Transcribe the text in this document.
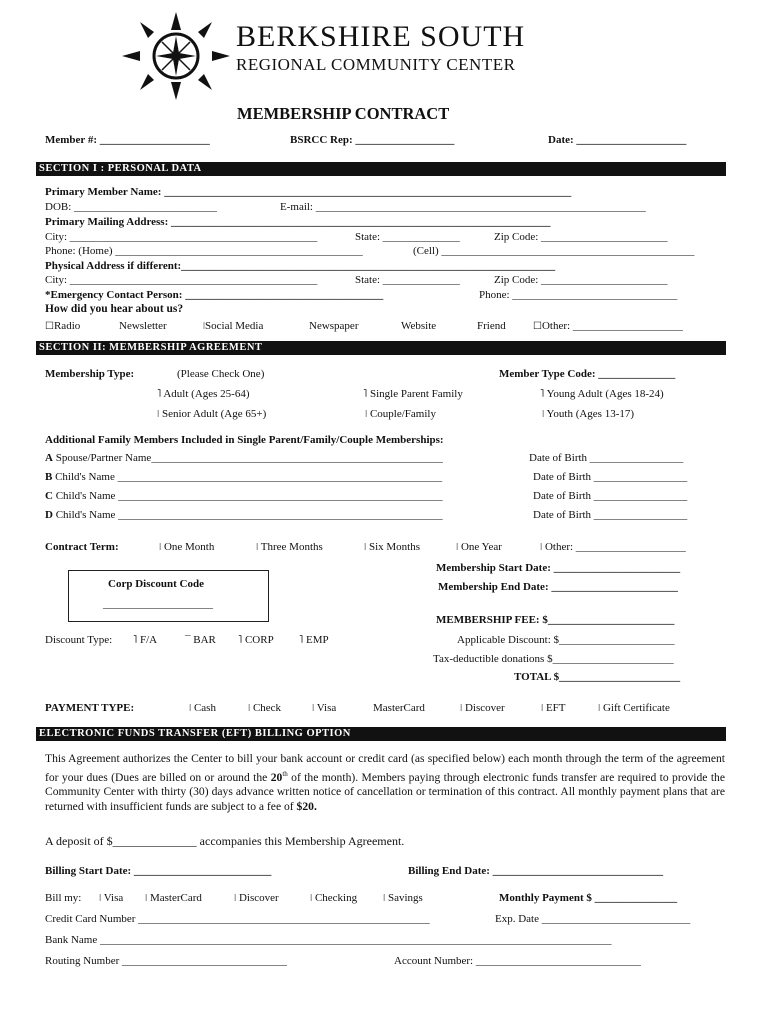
BERKSHIRE SOUTH
REGIONAL COMMUNITY CENTER
MEMBERSHIP CONTRACT
Member #: ____________________	BSRCC Rep: __________________	Date: ____________________
SECTION I : PERSONAL DATA
Primary Member Name: __________________________________________________________________________
DOB: __________________________	E-mail: ____________________________________________________________
Primary Mailing Address: _____________________________________________________________________
City: _____________________________________________	State: ______________	Zip Code: _______________________
Phone: (Home) _____________________________________________	(Cell) ______________________________________________
Physical Address if different:____________________________________________________________________
City: _____________________________________________	State: ______________	Zip Code: _______________________
*Emergency Contact Person: ____________________________________	Phone: ______________________________
How did you hear about us?
☐Radio	Newsletter	ǀSocial Media	Newspaper	Website	Friend	☐Other: ____________________
SECTION II: MEMBERSHIP AGREEMENT
Membership Type:	(Please Check One)	Member Type Code: ______________
˥ Adult (Ages 25-64)	˥ Single Parent Family	˥ Young Adult (Ages 18-24)
ǀ Senior Adult (Age 65+)	ǀ Couple/Family	ǀ Youth (Ages 13-17)
Additional Family Members Included in Single Parent/Family/Couple Memberships:
A Spouse/Partner Name_____________________________________________________	Date of Birth _________________
B Child's Name ___________________________________________________________	Date of Birth _________________
C Child's Name ___________________________________________________________	Date of Birth _________________
D Child's Name ___________________________________________________________	Date of Birth _________________
Contract Term:	ǀ One Month	ǀ Three Months	ǀ Six Months	ǀ One Year	ǀ Other: ____________________
Membership Start Date: _______________________
Corp Discount Code
____________________
Membership End Date: _______________________
MEMBERSHIP FEE: $_______________________
Discount Type: ˥ F/A	¯ BAR ˥ CORP ˥ EMP	Applicable Discount: $_____________________
Tax-deductible donations $______________________
TOTAL $______________________
PAYMENT TYPE:	ǀ Cash	ǀ Check	ǀ Visa	MasterCard	ǀ Discover	ǀ EFT	ǀ Gift Certificate
ELECTRONIC FUNDS TRANSFER (EFT) BILLING OPTION
This Agreement authorizes the Center to bill your bank account or credit card (as specified below) each month through the term of the agreement for your dues (Dues are billed on or around the 20th of the month). Members paying through electronic funds transfer are required to provide the Community Center with thirty (30) days advance written notice of cancellation or termination of this contract. All monthly payment plans that are returned with insufficient funds are subject to a fee of $20.
A deposit of $______________ accompanies this Membership Agreement.
Billing Start Date: _________________________	Billing End Date: _______________________________
Bill my: ǀ Visa ǀ MasterCard	ǀ Discover	ǀ Checking ǀ Savings	Monthly Payment $ _______________
Credit Card Number _____________________________________________________	Exp. Date ___________________________
Bank Name _____________________________________________________________________________________________
Routing Number ______________________________	Account Number: ______________________________
